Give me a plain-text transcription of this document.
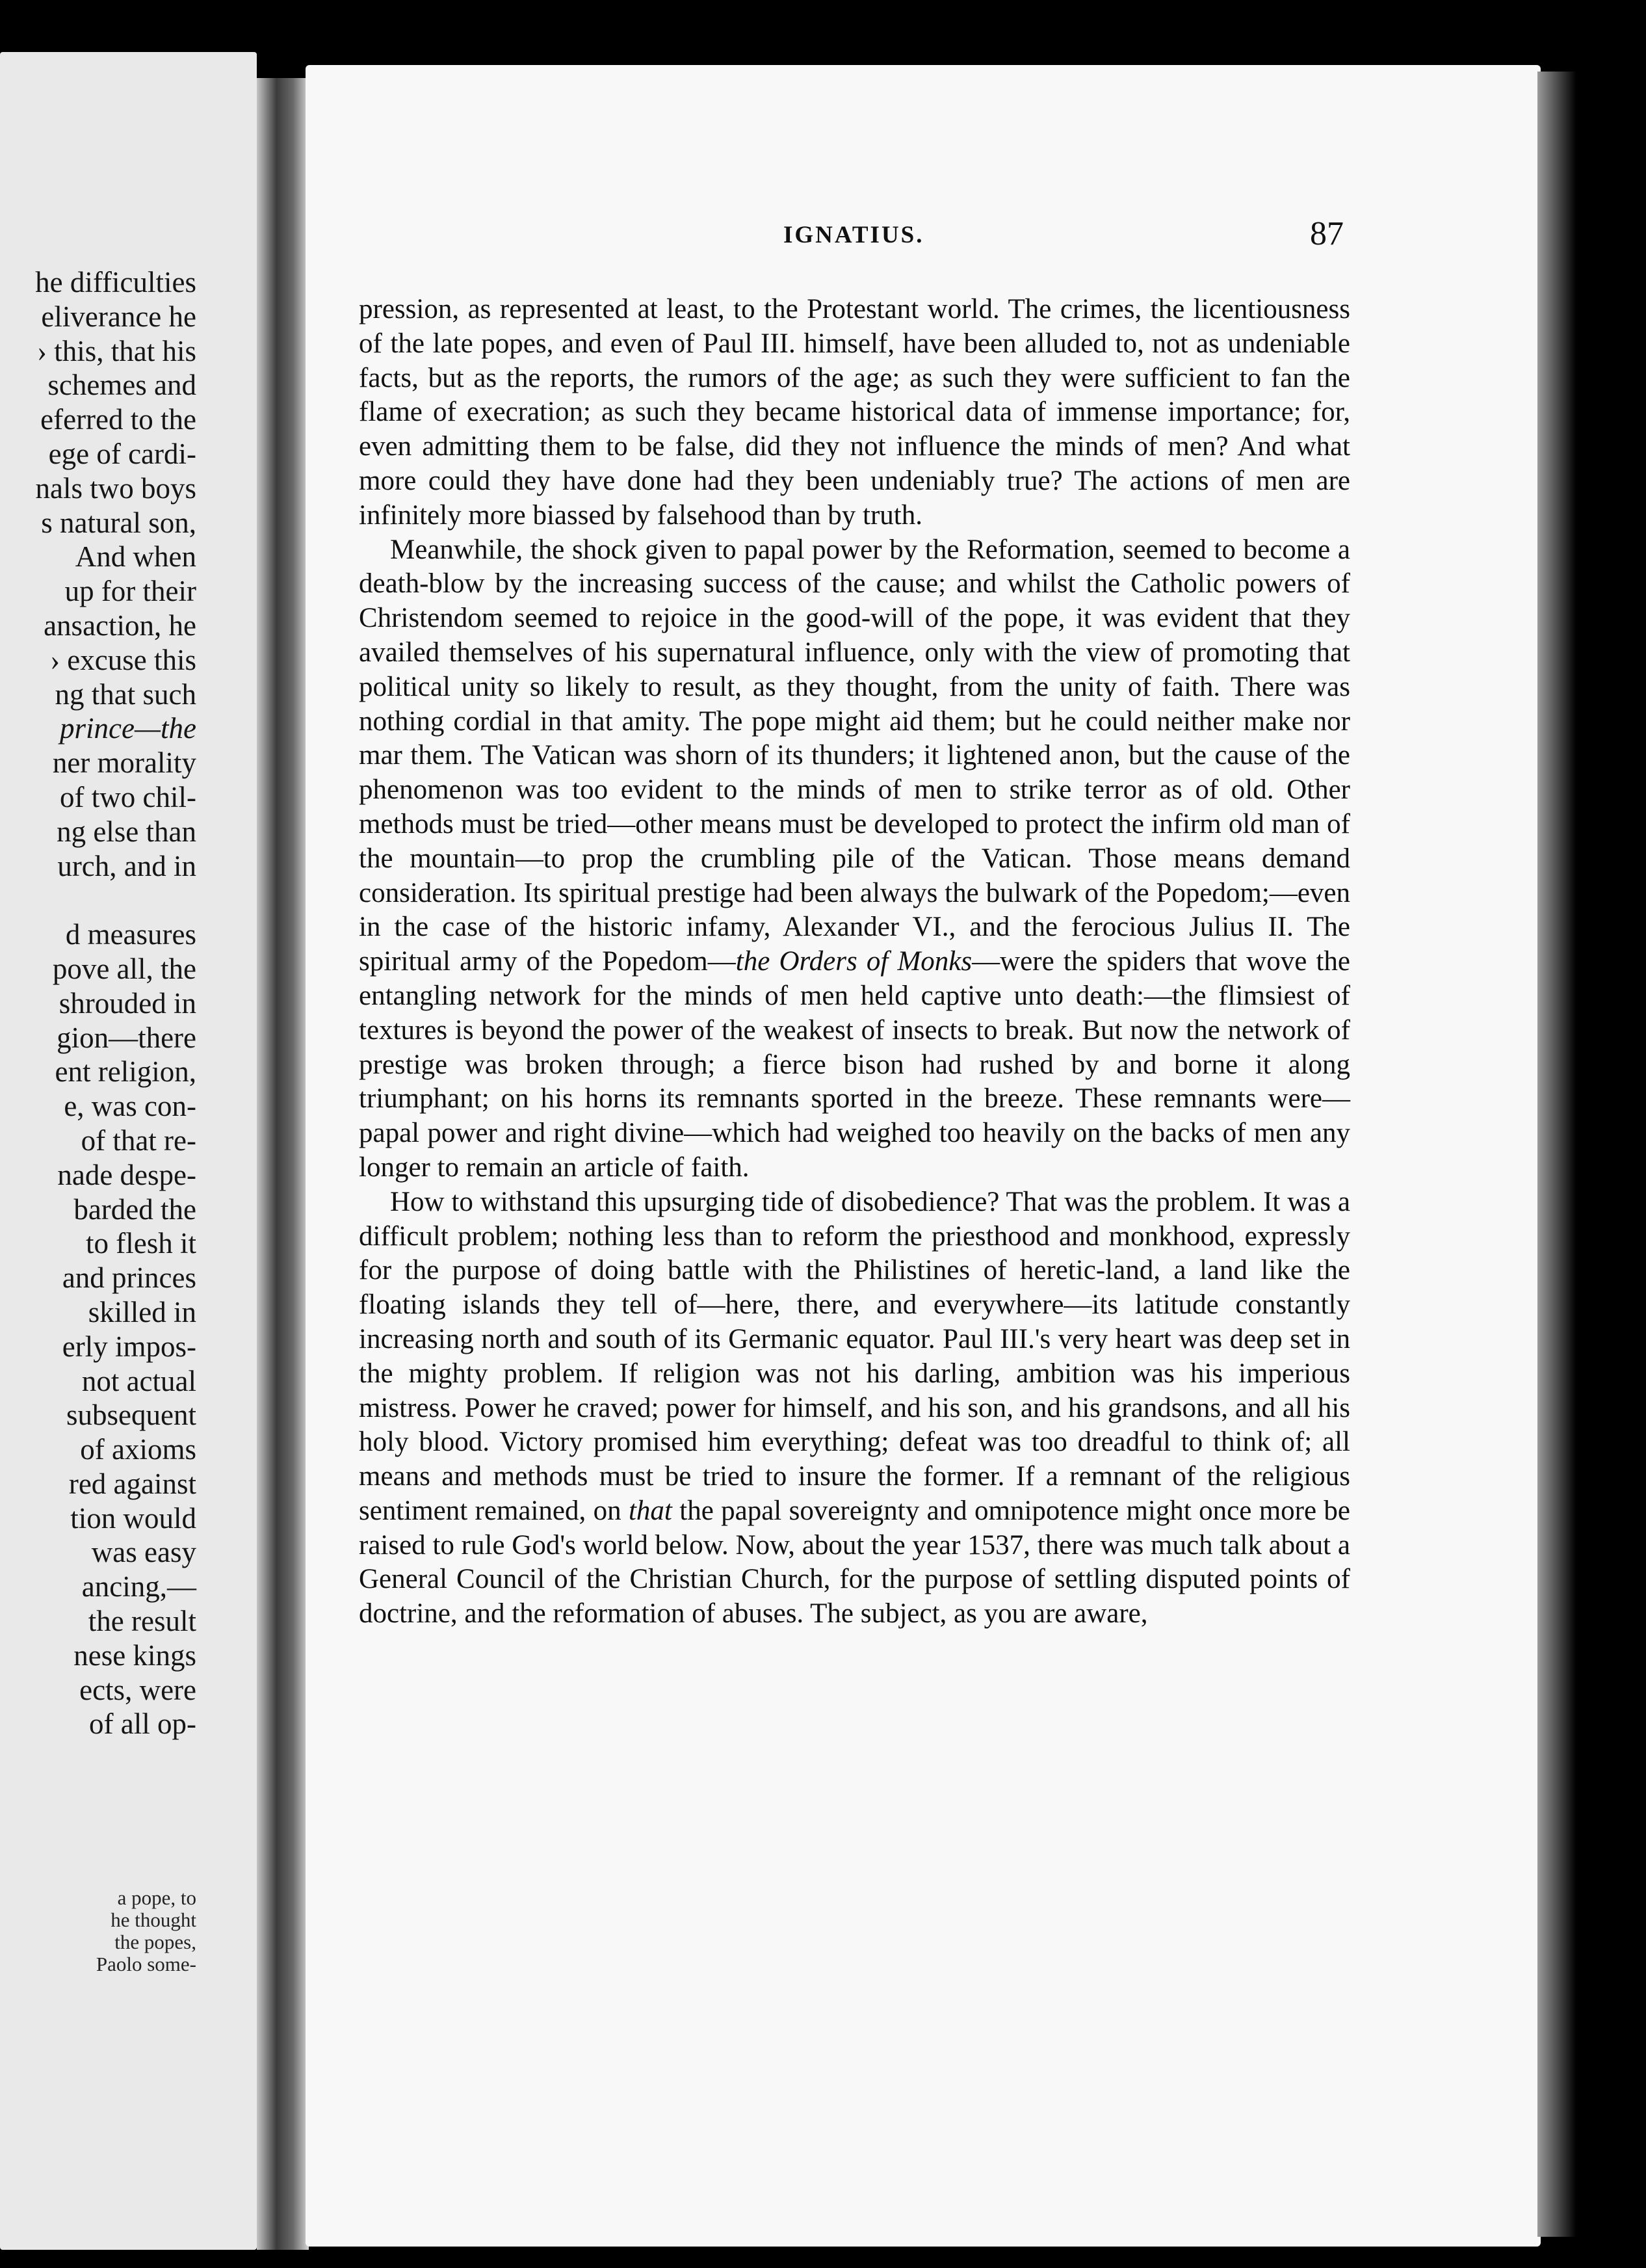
he difficulties
eliverance he
› this, that his
schemes and
eferred to the
ege of cardi-
nals two boys
s natural son,
And when
up for their
ansaction, he
› excuse this
ng that such
prince—the
ner morality
of two chil-
ng else than
urch, and in

d measures
pove all, the
shrouded in
gion—there
ent religion,
e, was con-
of that re-
nade despe-
barded the
to flesh it
and princes
skilled in
erly impos-
not actual
subsequent
of axioms
red against
tion would
was easy
ancing,—
the result
nese kings
ects, were
of all op-
a pope, to
he thought
the popes,
Paolo some-
IGNATIUS.	87

pression, as represented at least, to the Protestant world. The crimes, the licentiousness of the late popes, and even of Paul III. himself, have been alluded to, not as undeniable facts, but as the reports, the rumors of the age; as such they were sufficient to fan the flame of execration; as such they became historical data of immense importance; for, even admitting them to be false, did they not influence the minds of men? And what more could they have done had they been undeniably true? The actions of men are infinitely more biassed by falsehood than by truth.

Meanwhile, the shock given to papal power by the Reformation, seemed to become a death-blow by the increasing success of the cause; and whilst the Catholic powers of Christendom seemed to rejoice in the good-will of the pope, it was evident that they availed themselves of his supernatural influence, only with the view of promoting that political unity so likely to result, as they thought, from the unity of faith. There was nothing cordial in that amity. The pope might aid them; but he could neither make nor mar them. The Vatican was shorn of its thunders; it lightened anon, but the cause of the phenomenon was too evident to the minds of men to strike terror as of old. Other methods must be tried—other means must be developed to protect the infirm old man of the mountain—to prop the crumbling pile of the Vatican. Those means demand consideration. Its spiritual prestige had been always the bulwark of the Popedom;—even in the case of the historic infamy, Alexander VI., and the ferocious Julius II. The spiritual army of the Popedom—the Orders of Monks—were the spiders that wove the entangling network for the minds of men held captive unto death:—the flimsiest of textures is beyond the power of the weakest of insects to break. But now the network of prestige was broken through; a fierce bison had rushed by and borne it along triumphant; on his horns its remnants sported in the breeze. These remnants were—papal power and right divine—which had weighed too heavily on the backs of men any longer to remain an article of faith.

How to withstand this upsurging tide of disobedience? That was the problem. It was a difficult problem; nothing less than to reform the priesthood and monkhood, expressly for the purpose of doing battle with the Philistines of heretic-land, a land like the floating islands they tell of—here, there, and everywhere—its latitude constantly increasing north and south of its Germanic equator. Paul III.'s very heart was deep set in the mighty problem. If religion was not his darling, ambition was his imperious mistress. Power he craved; power for himself, and his son, and his grandsons, and all his holy blood. Victory promised him everything; defeat was too dreadful to think of; all means and methods must be tried to insure the former. If a remnant of the religious sentiment remained, on that the papal sovereignty and omnipotence might once more be raised to rule God's world below. Now, about the year 1537, there was much talk about a General Council of the Christian Church, for the purpose of settling disputed points of doctrine, and the reformation of abuses. The subject, as you are aware,
